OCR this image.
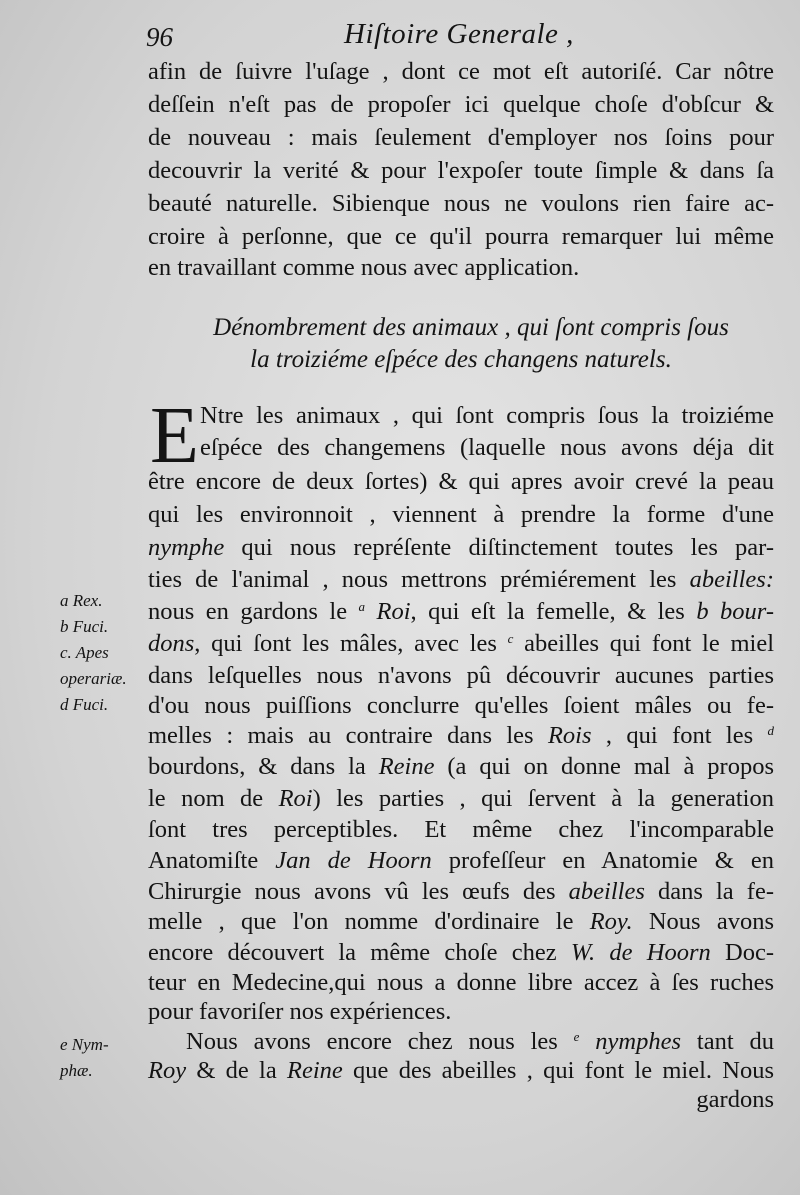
96	Hiſtoire Generale ,
afin de ſuivre l'uſage , dont ce mot eſt autoriſé. Car nôtre
deſſein n'eſt pas de propoſer ici quelque choſe d'obſcur &
de nouveau : mais ſeulement d'employer nos ſoins pour
decouvrir la verité & pour l'expoſer toute ſimple & dans ſa
beauté naturelle. Sibienque nous ne voulons rien faire ac-
croire à perſonne, que ce qu'il pourra remarquer lui même
en travaillant comme nous avec application.
Dénombrement des animaux , qui ſont compris ſous
la troiziéme eſpéce des changens naturels.
E Ntre les animaux , qui ſont compris ſous la troiziéme
eſpéce des changemens (laquelle nous avons déja dit
être encore de deux ſortes) & qui apres avoir crevé la peau
qui les environnoit , viennent à prendre la forme d'une
nymphe qui nous repréſente diſtinctement toutes les par-
ties de l'animal , nous mettrons prémiérement les abeilles:
nous en gardons le $^a$ Roi, qui eſt la femelle, & les b bour-
dons, qui ſont les mâles, avec les $^c$ abeilles qui font le miel
dans leſquelles nous n'avons pû découvrir aucunes parties
d'ou nous puiſſions conclurre qu'elles ſoient mâles ou fe-
melles : mais au contraire dans les Rois , qui font les $^d$
bourdons, & dans la Reine (a qui on donne mal à propos
le nom de Roi) les parties , qui ſervent à la generation
ſont tres perceptibles. Et même chez l'incomparable
Anatomiſte Jan de Hoorn profeſſeur en Anatomie & en
Chirurgie nous avons vû les œufs des abeilles dans la fe-
melle , que l'on nomme d'ordinaire le Roy. Nous avons
encore découvert la même choſe chez W. de Hoorn Doc-
teur en Medecine,qui nous a donne libre accez à ſes ruches
pour favoriſer nos expériences.
Nous avons encore chez nous les $^e$ nymphes tant du
Roy & de la Reine que des abeilles , qui font le miel. Nous
gardons
a Rex.
b Fuci.
c. Apes
operariæ.
d Fuci.
e Nym-
phæ.
